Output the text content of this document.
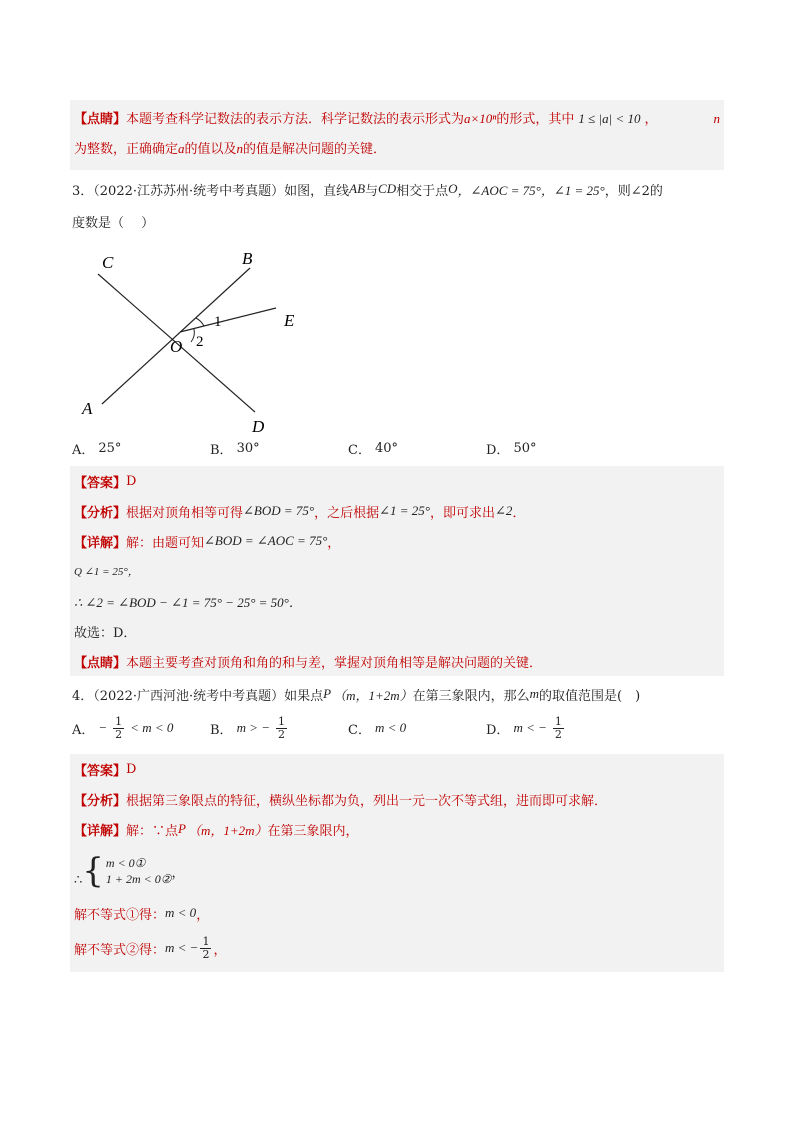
【点睛】本题考查科学记数法的表示方法．科学记数法的表示形式为a×10ⁿ的形式，其中 1 ≤ |a| < 10 ，	n
为整数，正确确定a的值以及n的值是解决问题的关键．
3．（2022·江苏苏州·统考中考真题）如图，直线 AB 与 CD 相交于点 O ，∠AOC = 75° ，∠1 = 25° ，则∠2的
度数是（　 ）
C	B
E
O
A
D
1
2
A． 25°	B． 30°	C． 40°	D． 50°
【答案】 D
【分析】 根据对顶角相等可得 ∠BOD = 75° ，之后根据 ∠1 = 25° ，即可求出 ∠2 ．
【详解】 解：由题可知 ∠BOD = ∠AOC = 75° ，
Q ∠1 = 25°，
∴ ∠2 = ∠BOD − ∠1 = 75° − 25° = 50°．
故选：D．
【点睛】 本题主要考查对顶角和角的和与差，掌握对顶角相等是解决问题的关键．
4．（2022·广西河池·统考中考真题）如果点 P （m，1+2m） 在第三象限内，那么 m 的取值范围是(　)
A． − $\frac{1}{2} < m < 0$	B． m > − $\frac{1}{2}$	C． m < 0	D． m < − $\frac{1}{2}$
【答案】 D
【分析】 根据第三象限点的特征，横纵坐标都为负，列出一元一次不等式组，进而即可求解．
【详解】 解：∵点 P （m，1+2m） 在第三象限内，
∴ { m < 0①
1 + 2m < 0② ，
解不等式①得： m < 0 ，
解不等式②得： m < − $\frac{1}{2}$ ，
